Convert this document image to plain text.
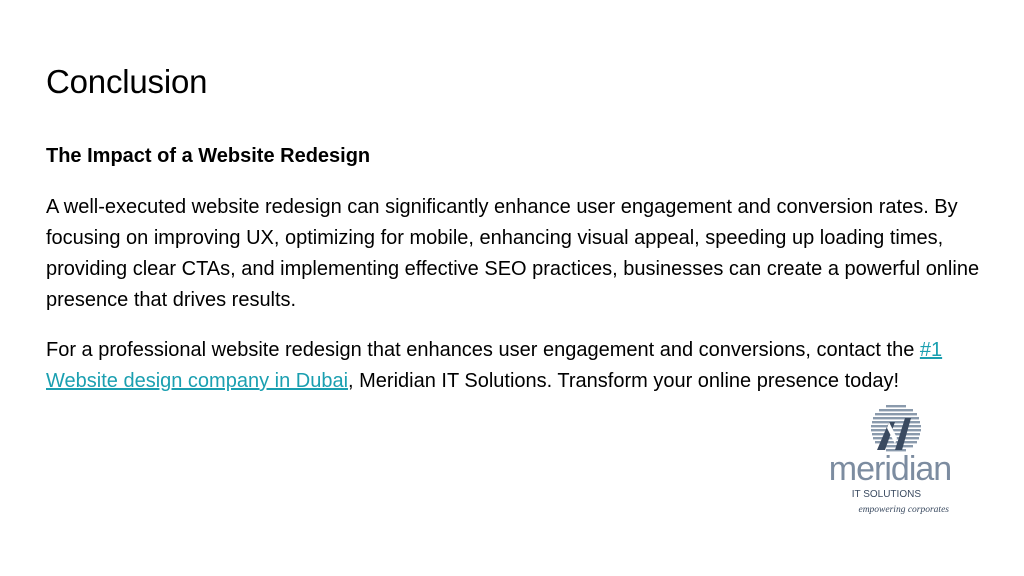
Conclusion
The Impact of a Website Redesign

A well-executed website redesign can significantly enhance user engagement and conversion rates. By focusing on improving UX, optimizing for mobile, enhancing visual appeal, speeding up loading times, providing clear CTAs, and implementing effective SEO practices, businesses can create a powerful online presence that drives results.

For a professional website redesign that enhances user engagement and conversions, contact the #1 Website design company in Dubai, Meridian IT Solutions. Transform your online presence today!

meridian
IT SOLUTIONS
empowering corporates
